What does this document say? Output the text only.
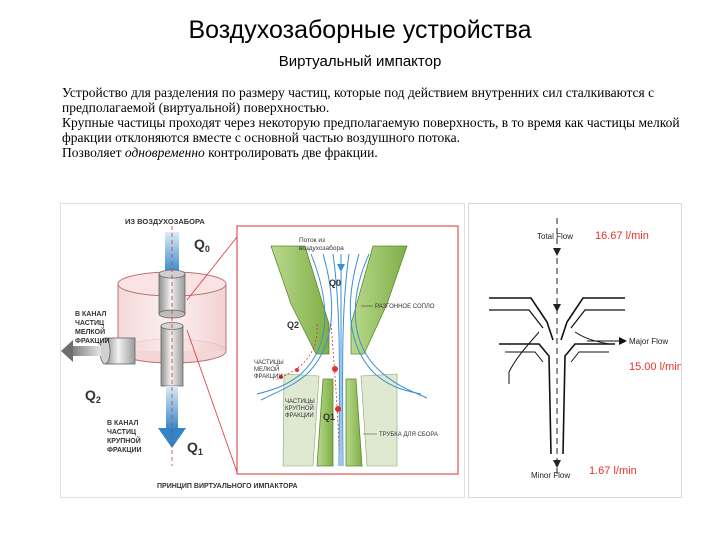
Воздухозаборные устройства
Виртуальный импактор

Устройство для разделения по размеру частиц, которые под действием внутренних сил сталкиваются с предполагаемой (виртуальной) поверхностью.

Крупные частицы проходят через некоторую предполагаемую поверхность, в то время как частицы мелкой фракции отклоняются вместе с основной частью воздушного потока.

Позволяет одновременно контролировать две фракции.

ИЗ ВОЗДУХОЗАБОРА
$Q_0$
В КАНАЛ
ЧАСТИЦ
МЕЛКОЙ
ФРАКЦИИ
$Q_2$
В КАНАЛ
ЧАСТИЦ
КРУПНОЙ
ФРАКЦИИ	$Q_1$
Поток из
воздухозабора
Q0
РАЗГОННОЕ СОПЛО
Q2
ЧАСТИЦЫ
МЕЛКОЙ
ФРАКЦИИ
ЧАСТИЦЫ
КРУПНОЙ
ФРАКЦИИ Q1
ТРУБКА ДЛЯ СБОРА
ПРИНЦИП ВИРТУАЛЬНОГО ИМПАКТОРА
Total Flow 16.67 l/min
Major Flow
15.00 l/min
Minor Flow 1.67 l/min
